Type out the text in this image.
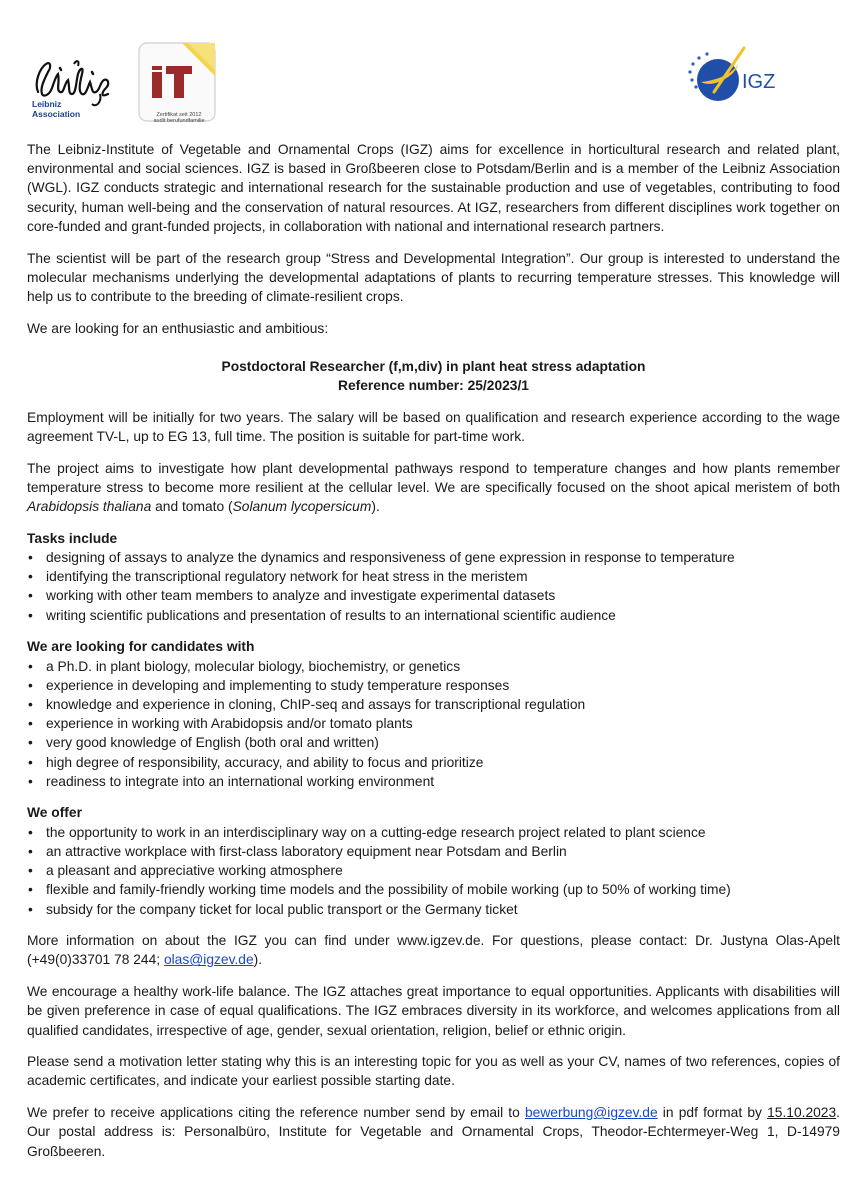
Leibniz
Association	Zertifikat seit 2012
audit berufundfamilie
IGZ

The Leibniz-Institute of Vegetable and Ornamental Crops (IGZ) aims for excellence in horticultural research and related plant, environmental and social sciences. IGZ is based in Großbeeren close to Potsdam/Berlin and is a member of the Leibniz Association (WGL). IGZ conducts strategic and international research for the sustainable production and use of vegetables, contributing to food security, human well-being and the conservation of natural resources. At IGZ, researchers from different disciplines work together on core-funded and grant-funded projects, in collaboration with national and international research partners.

The scientist will be part of the research group “Stress and Developmental Integration”. Our group is interested to understand the molecular mechanisms underlying the developmental adaptations of plants to recurring temperature stresses. This knowledge will help us to contribute to the breeding of climate-resilient crops.

We are looking for an enthusiastic and ambitious:

Postdoctoral Researcher (f,m,div) in plant heat stress adaptation
Reference number: 25/2023/1

Employment will be initially for two years. The salary will be based on qualification and research experience according to the wage agreement TV-L, up to EG 13, full time. The position is suitable for part-time work.

The project aims to investigate how plant developmental pathways respond to temperature changes and how plants remember temperature stress to become more resilient at the cellular level. We are specifically focused on the shoot apical meristem of both Arabidopsis thaliana and tomato (Solanum lycopersicum).

Tasks include
• designing of assays to analyze the dynamics and responsiveness of gene expression in response to temperature
• identifying the transcriptional regulatory network for heat stress in the meristem
• working with other team members to analyze and investigate experimental datasets
• writing scientific publications and presentation of results to an international scientific audience
We are looking for candidates with
• a Ph.D. in plant biology, molecular biology, biochemistry, or genetics
• experience in developing and implementing to study temperature responses
• knowledge and experience in cloning, ChIP-seq and assays for transcriptional regulation
• experience in working with Arabidopsis and/or tomato plants
• very good knowledge of English (both oral and written)
• high degree of responsibility, accuracy, and ability to focus and prioritize
• readiness to integrate into an international working environment
We offer
• the opportunity to work in an interdisciplinary way on a cutting-edge research project related to plant science
• an attractive workplace with first-class laboratory equipment near Potsdam and Berlin
• a pleasant and appreciative working atmosphere
• flexible and family-friendly working time models and the possibility of mobile working (up to 50% of working time)
• subsidy for the company ticket for local public transport or the Germany ticket

More information on about the IGZ you can find under www.igzev.de. For questions, please contact: Dr. Justyna Olas-Apelt (+49(0)33701 78 244; olas@igzev.de).

We encourage a healthy work-life balance. The IGZ attaches great importance to equal opportunities. Applicants with disabilities will be given preference in case of equal qualifications. The IGZ embraces diversity in its workforce, and welcomes applications from all qualified candidates, irrespective of age, gender, sexual orientation, religion, belief or ethnic origin.

Please send a motivation letter stating why this is an interesting topic for you as well as your CV, names of two references, copies of academic certificates, and indicate your earliest possible starting date.

We prefer to receive applications citing the reference number send by email to bewerbung@igzev.de in pdf format by 15.10.2023. Our postal address is: Personalbüro, Institute for Vegetable and Ornamental Crops, Theodor-Echtermeyer-Weg 1, D-14979 Großbeeren.
